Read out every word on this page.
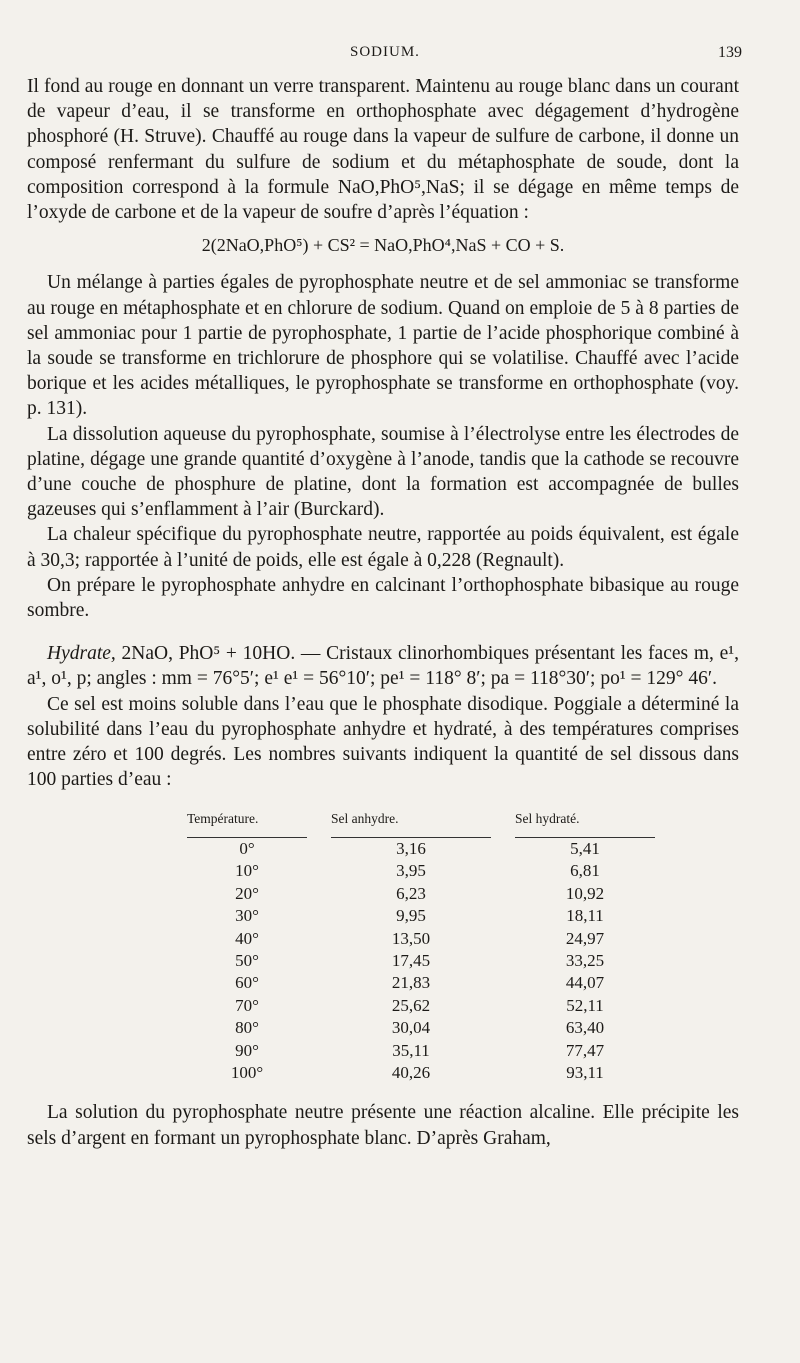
SODIUM.	139

Il fond au rouge en donnant un verre transparent. Maintenu au rouge blanc dans un courant de vapeur d’eau, il se transforme en orthophosphate avec dégagement d’hydrogène phosphoré (H. Struve). Chauffé au rouge dans la vapeur de sulfure de carbone, il donne un composé renfermant du sulfure de sodium et du métaphosphate de soude, dont la composition correspond à la formule NaO,PhO⁵,NaS; il se dégage en même temps de l’oxyde de carbone et de la vapeur de soufre d’après l’équation :

2(2NaO,PhO⁵) + CS² = NaO,PhO⁴,NaS + CO + S.

Un mélange à parties égales de pyrophosphate neutre et de sel ammoniac se transforme au rouge en métaphosphate et en chlorure de sodium. Quand on emploie de 5 à 8 parties de sel ammoniac pour 1 partie de pyrophosphate, 1 partie de l’acide phosphorique combiné à la soude se transforme en trichlorure de phosphore qui se volatilise. Chauffé avec l’acide borique et les acides métalliques, le pyrophosphate se transforme en orthophosphate (voy. p. 131).

La dissolution aqueuse du pyrophosphate, soumise à l’électrolyse entre les électrodes de platine, dégage une grande quantité d’oxygène à l’anode, tandis que la cathode se recouvre d’une couche de phosphure de platine, dont la formation est accompagnée de bulles gazeuses qui s’enflamment à l’air (Burckard).

La chaleur spécifique du pyrophosphate neutre, rapportée au poids équivalent, est égale à 30,3; rapportée à l’unité de poids, elle est égale à 0,228 (Regnault).

On prépare le pyrophosphate anhydre en calcinant l’orthophosphate bibasique au rouge sombre.

Hydrate, 2NaO, PhO⁵ + 10HO. — Cristaux clinorhombiques présentant les faces m, e¹, a¹, o¹, p; angles : mm = 76°5′; e¹ e¹ = 56°10′; pe¹ = 118° 8′; pa = 118°30′; po¹ = 129° 46′.

Ce sel est moins soluble dans l’eau que le phosphate disodique. Poggiale a déterminé la solubilité dans l’eau du pyrophosphate anhydre et hydraté, à des températures comprises entre zéro et 100 degrés. Les nombres suivants indiquent la quantité de sel dissous dans 100 parties d’eau :

Température.		Sel anhydre.		Sel hydraté.
0°		3,16		5,41
10°		3,95		6,81
20°		6,23		10,92
30°		9,95		18,11
40°		13,50		24,97
50°		17,45		33,25
60°		21,83		44,07
70°		25,62		52,11
80°		30,04		63,40
90°		35,11		77,47
100°		40,26		93,11

La solution du pyrophosphate neutre présente une réaction alcaline. Elle précipite les sels d’argent en formant un pyrophosphate blanc. D’après Graham,
